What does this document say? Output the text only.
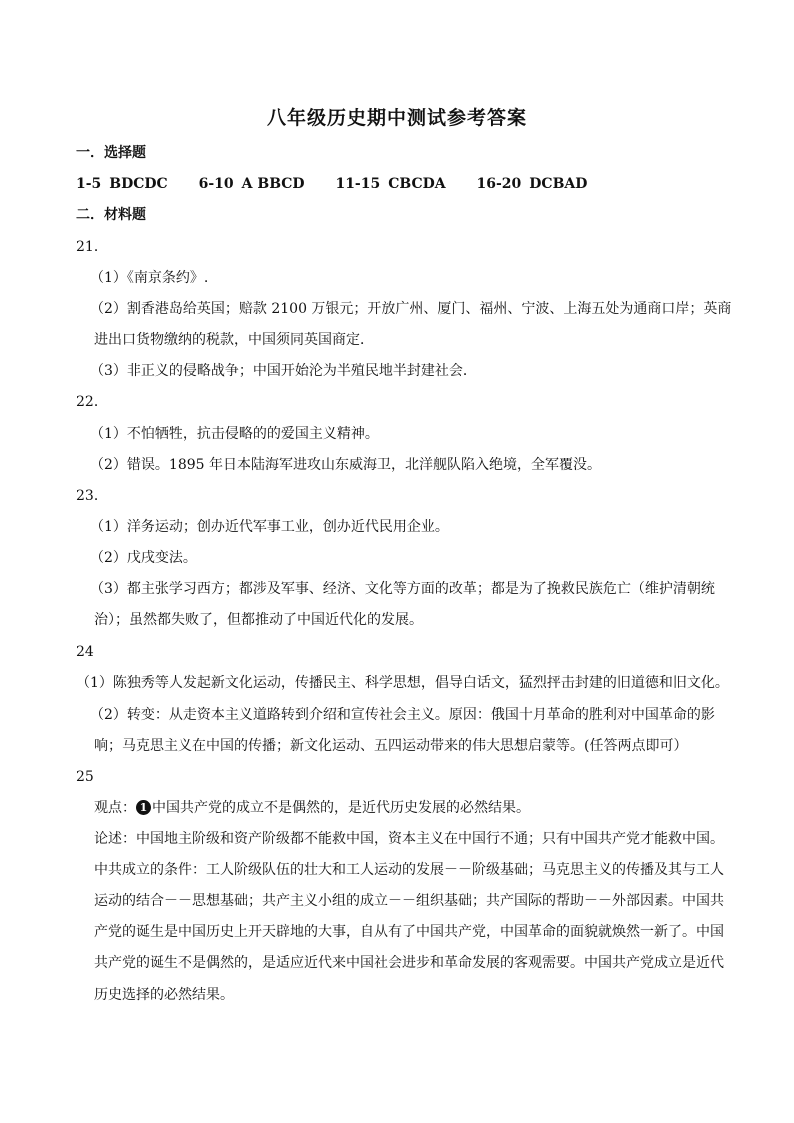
八年级历史期中测试参考答案
一．选择题
1-5 BDCDC 6-10 A BBCD 11-15 CBCDA 16-20 DCBAD
二．材料题
21．
（1）《南京条约》.
（2）割香港岛给英国；赔款 2100 万银元；开放广州、厦门、福州、宁波、上海五处为通商口岸；英商
进出口货物缴纳的税款，中国须同英国商定．
（3）非正义的侵略战争；中国开始沦为半殖民地半封建社会．
22．
（1）不怕牺牲，抗击侵略的的爱国主义精神。
（2）错误。1895 年日本陆海军进攻山东威海卫，北洋舰队陷入绝境，全军覆没。
23．
（1）洋务运动；创办近代军事工业，创办近代民用企业。
（2）戊戌变法。
（3）都主张学习西方；都涉及军事、经济、文化等方面的改革；都是为了挽救民族危亡（维护清朝统
治）；虽然都失败了，但都推动了中国近代化的发展。
24
（1）陈独秀等人发起新文化运动，传播民主、科学思想，倡导白话文，猛烈抨击封建的旧道德和旧文化。
（2）转变：从走资本主义道路转到介绍和宣传社会主义。原因：俄国十月革命的胜利对中国革命的影
响；马克思主义在中国的传播；新文化运动、五四运动带来的伟大思想启蒙等。(任答两点即可）
25
观点： 1 中国共产党的成立不是偶然的，是近代历史发展的必然结果。
论述：中国地主阶级和资产阶级都不能救中国，资本主义在中国行不通；只有中国共产党才能救中国。
中共成立的条件：工人阶级队伍的壮大和工人运动的发展－－阶级基础；马克思主义的传播及其与工人
运动的结合－－思想基础；共产主义小组的成立－－组织基础；共产国际的帮助－－外部因素。中国共
产党的诞生是中国历史上开天辟地的大事，自从有了中国共产党，中国革命的面貌就焕然一新了。中国
共产党的诞生不是偶然的，是适应近代来中国社会进步和革命发展的客观需要。中国共产党成立是近代
历史选择的必然结果。
